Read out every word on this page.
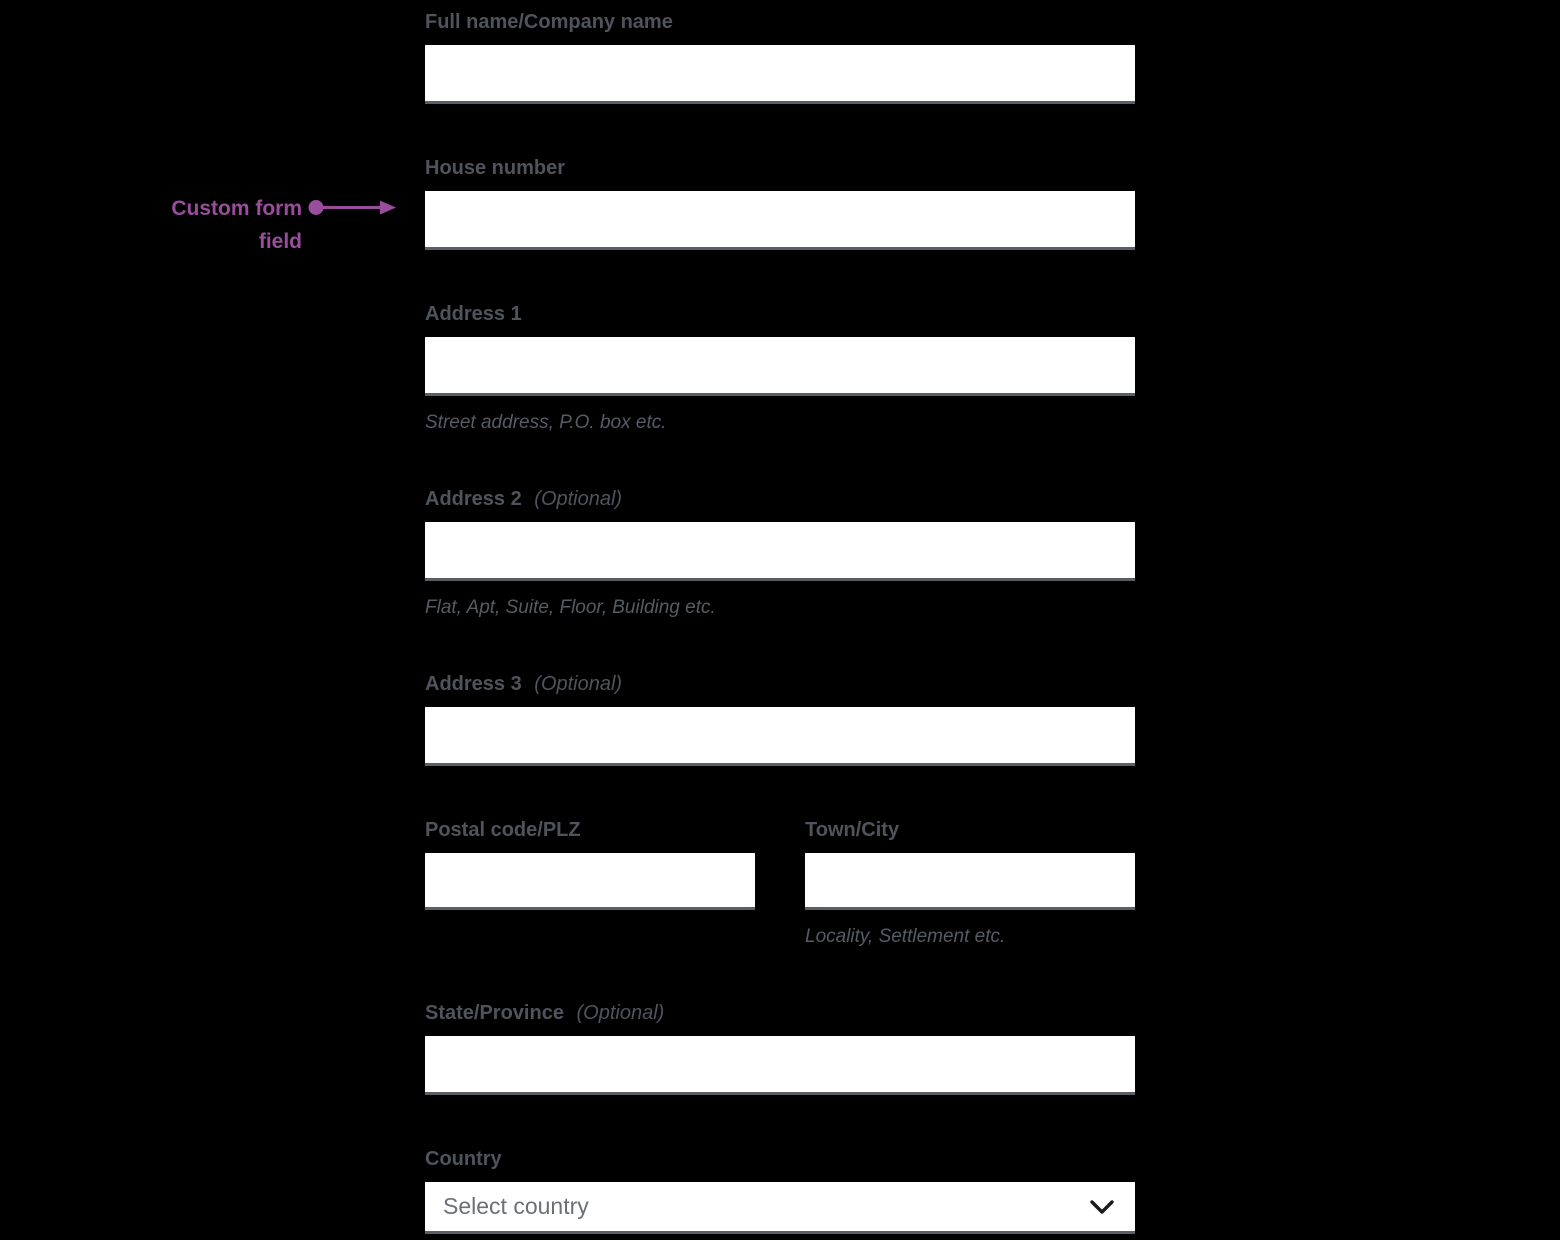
Custom form
field
Full name/Company name
House number
Address 1
Street address, P.O. box etc.
Address 2 (Optional)
Flat, Apt, Suite, Floor, Building etc.
Address 3 (Optional)
Postal code/PLZ	Town/City
Locality, Settlement etc.
State/Province (Optional)
Country
Select country
